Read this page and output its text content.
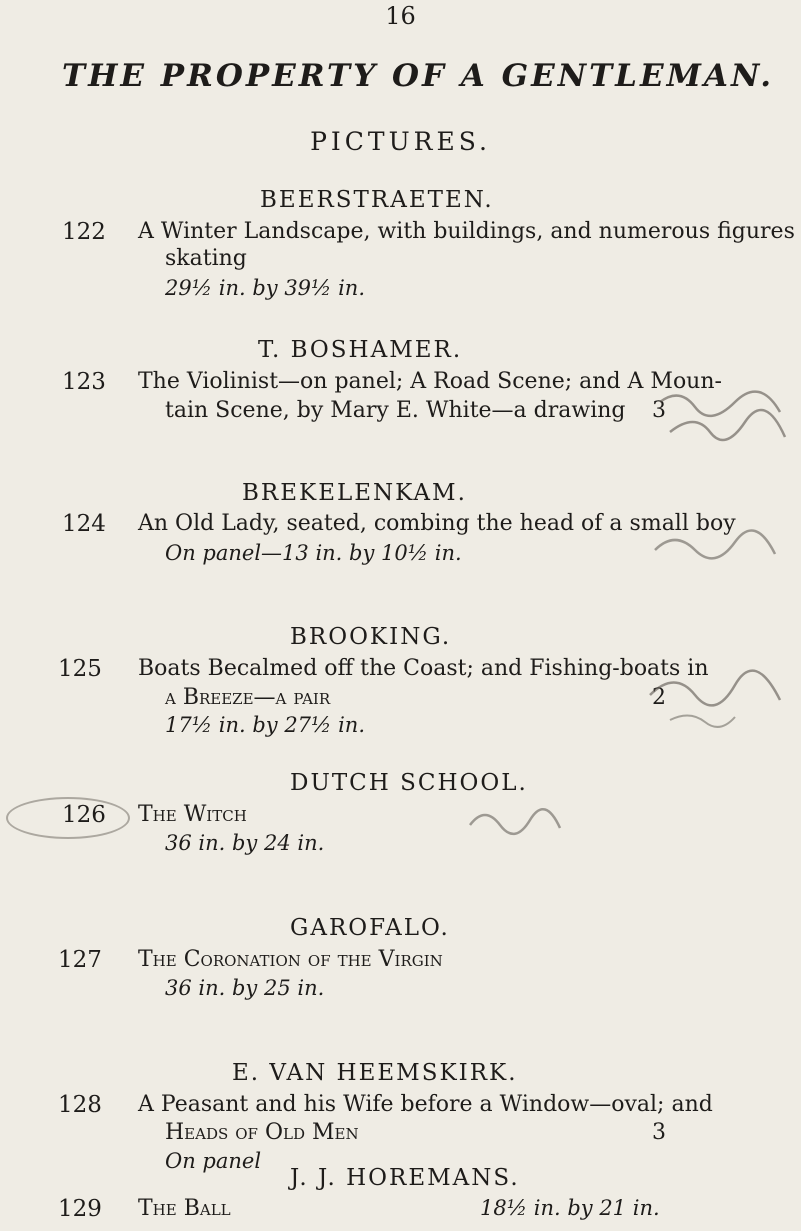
16
THE PROPERTY OF A GENTLEMAN.
PICTURES.
BEERSTRAETEN.
122 A Winter Landscape, with buildings, and numerous figures
skating
29½ in. by 39½ in.
T. BOSHAMER.
123 The Violinist—on panel; A Road Scene; and A Moun-
tain Scene, by Mary E. White—a drawing 3
BREKELENKAM.
124 An Old Lady, seated, combing the head of a small boy
On panel—13 in. by 10½ in.
BROOKING.
125 Boats Becalmed off the Coast; and Fishing-boats in
a Breeze—a pair	2
17½ in. by 27½ in.
DUTCH SCHOOL.
126 The Witch
36 in. by 24 in.
GAROFALO.
127 The Coronation of the Virgin
36 in. by 25 in.
E. VAN HEEMSKIRK.
128 A Peasant and his Wife before a Window—oval; and
Heads of Old Men	3
On panel
J. J. HOREMANS.
129 The Ball	18½ in. by 21 in.
